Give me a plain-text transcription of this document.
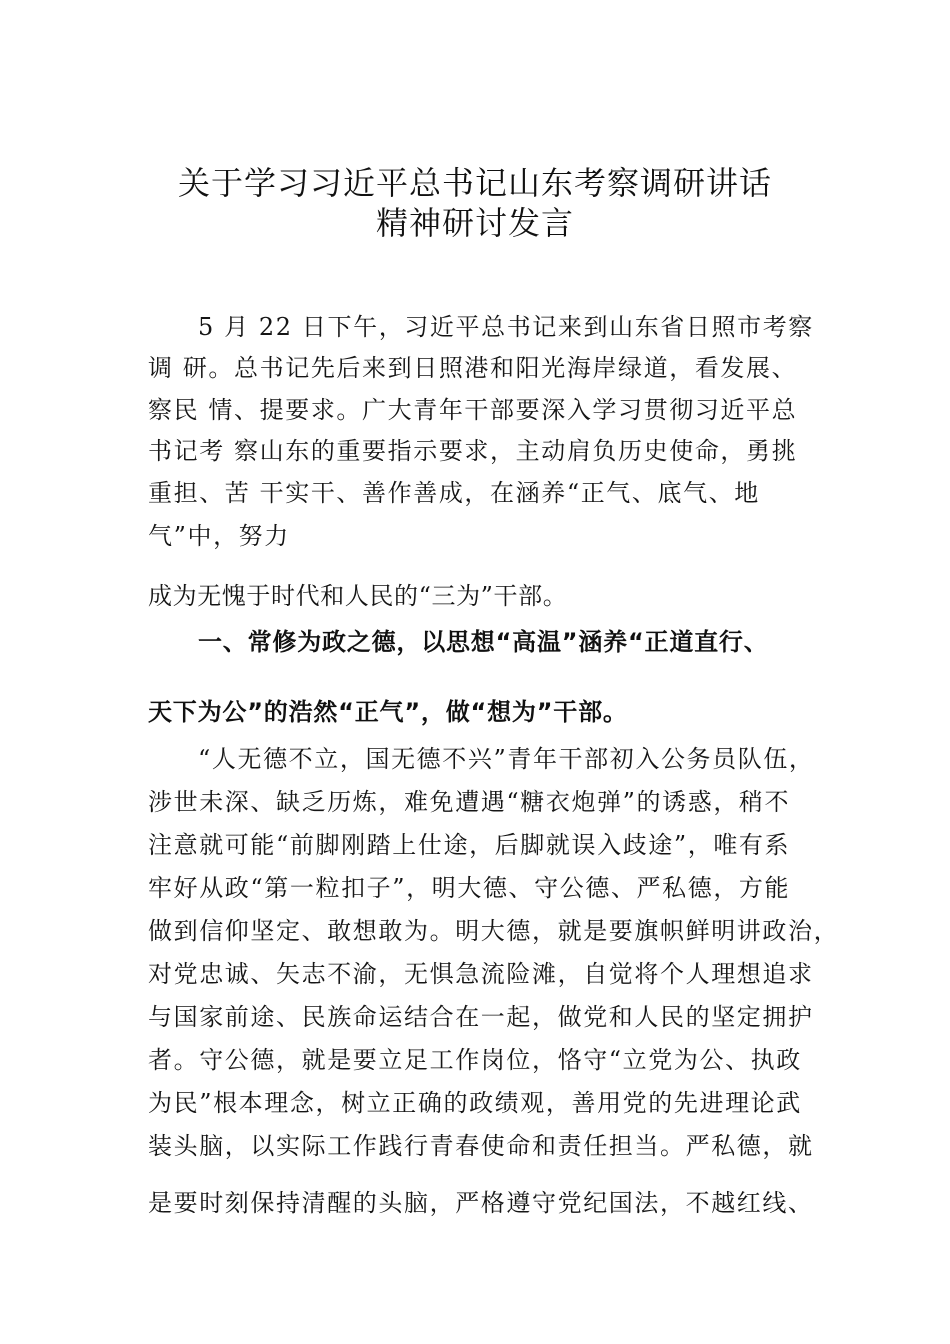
关于学习习近平总书记山东考察调研讲话
精神研讨发言
5 月 22 日下午，习近平总书记来到山东省日照市考察
调 研。总书记先后来到日照港和阳光海岸绿道，看发展、
察民 情、提要求。广大青年干部要深入学习贯彻习近平总
书记考 察山东的重要指示要求，主动肩负历史使命，勇挑
重担、苦 干实干、善作善成，在涵养“正气、底气、地
气”中，努力
成为无愧于时代和人民的“三为”干部。
一、常修为政之德，以思想“高温”涵养“正道直行、
天下为公”的浩然“正气”，做“想为”干部。
“人无德不立，国无德不兴”青年干部初入公务员队伍，
涉世未深、缺乏历炼，难免遭遇“糖衣炮弹”的诱惑，稍不
注意就可能“前脚刚踏上仕途，后脚就误入歧途”，唯有系
牢好从政“第一粒扣子”，明大德、守公德、严私德，方能
做到信仰坚定、敢想敢为。明大德，就是要旗帜鲜明讲政治，
对党忠诚、矢志不渝，无惧急流险滩，自觉将个人理想追求
与国家前途、民族命运结合在一起，做党和人民的坚定拥护
者。守公德，就是要立足工作岗位，恪守“立党为公、执政
为民”根本理念，树立正确的政绩观，善用党的先进理论武
装头脑，以实际工作践行青春使命和责任担当。严私德，就
是要时刻保持清醒的头脑，严格遵守党纪国法，不越红线、
